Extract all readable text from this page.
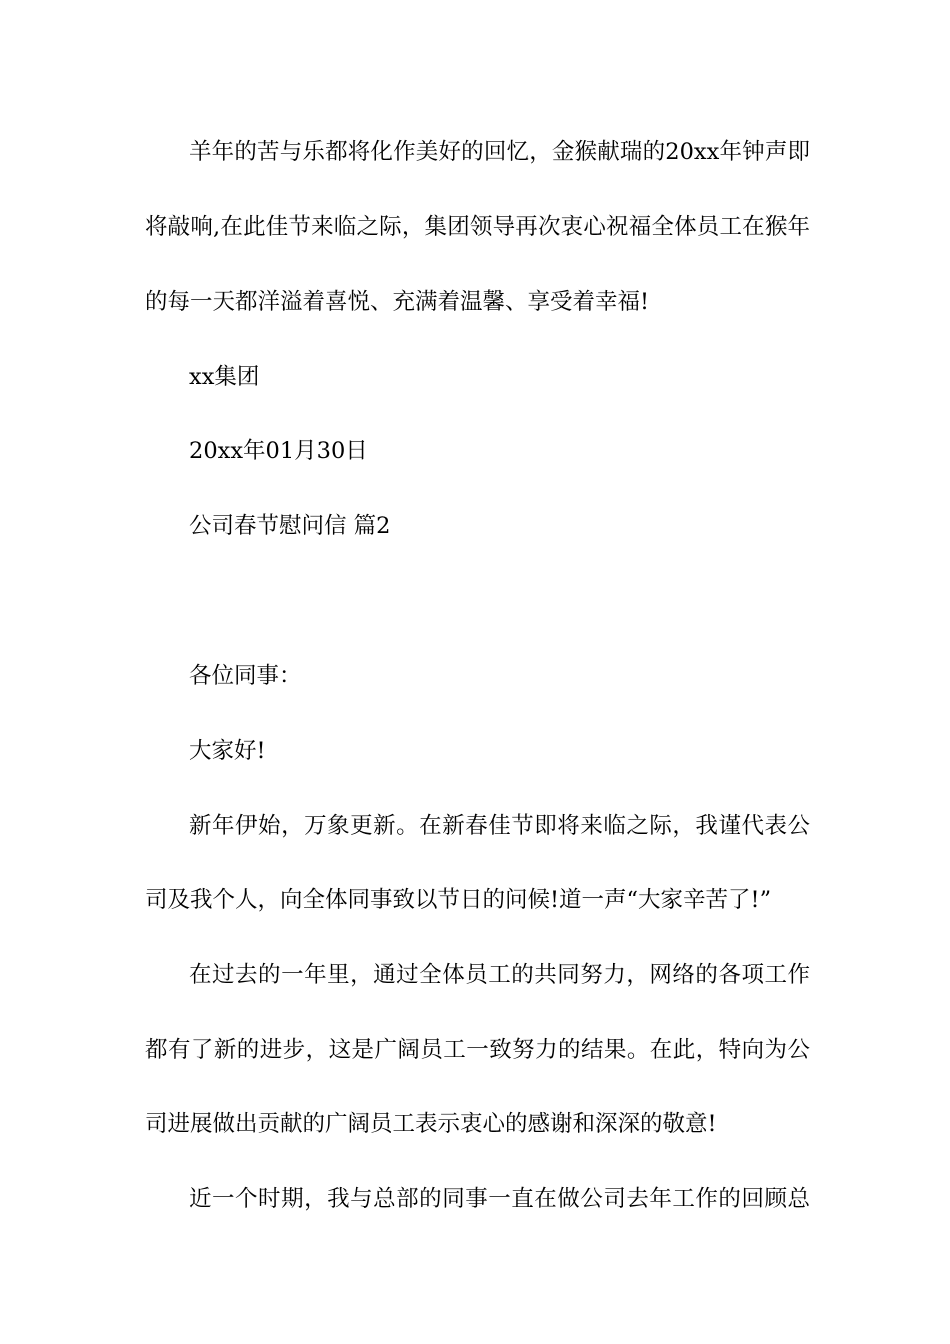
羊年的苦与乐都将化作美好的回忆，金猴献瑞的20xx年钟声即
将敲响,在此佳节来临之际，集团领导再次衷心祝福全体员工在猴年
的每一天都洋溢着喜悦、充满着温馨、享受着幸福!
xx集团
20xx年01月30日
公司春节慰问信 篇2
各位同事：
大家好!
新年伊始，万象更新。在新春佳节即将来临之际，我谨代表公
司及我个人，向全体同事致以节日的问候!道一声“大家辛苦了!”
在过去的一年里，通过全体员工的共同努力，网络的各项工作
都有了新的进步，这是广阔员工一致努力的结果。在此，特向为公
司进展做出贡献的广阔员工表示衷心的感谢和深深的敬意!
近一个时期，我与总部的同事一直在做公司去年工作的回顾总
